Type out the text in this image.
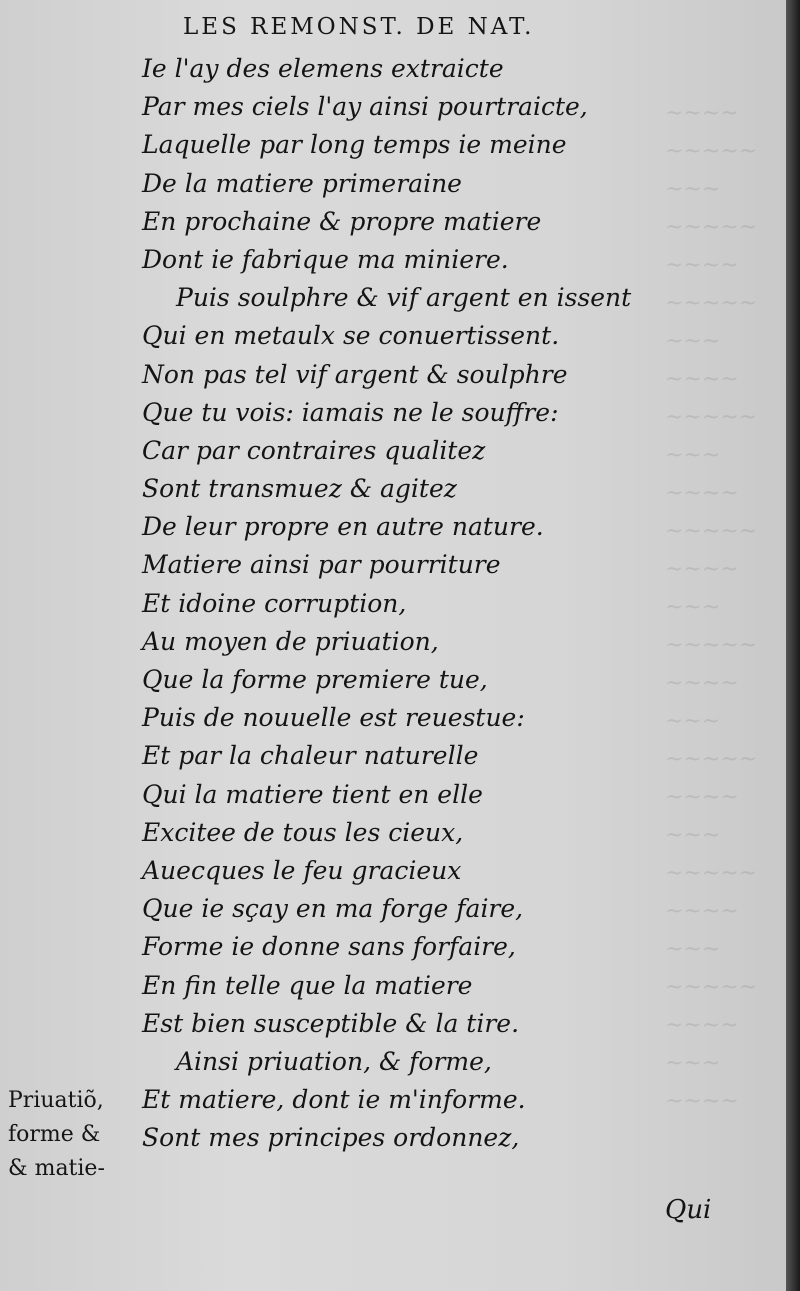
~~~~
~~~~~
~~~
~~~~~
~~~~
~~~~~
~~~
~~~~
~~~~~
~~~
~~~~
~~~~~
~~~~
~~~
~~~~~
~~~~
~~~
~~~~~
~~~~
~~~
~~~~~
~~~~
~~~
~~~~~
~~~~
~~~
~~~~
LES REMONST. DE NAT.
Ie l'ay des elemens extraicte
Par mes ciels l'ay ainsi pourtraicte,
Laquelle par long temps ie meine
De la matiere primeraine
En prochaine & propre matiere
Dont ie fabrique ma miniere.
Puis soulphre & vif argent en issent
Qui en metaulx se conuertissent.
Non pas tel vif argent & soulphre
Que tu vois: iamais ne le souffre:
Car par contraires qualitez
Sont transmuez & agitez
De leur propre en autre nature.
Matiere ainsi par pourriture
Et idoine corruption,
Au moyen de priuation,
Que la forme premiere tue,
Puis de nouuelle est reuestue:
Et par la chaleur naturelle
Qui la matiere tient en elle
Excitee de tous les cieux,
Auecques le feu gracieux
Que ie sçay en ma forge faire,
Forme ie donne sans forfaire,
En fin telle que la matiere
Est bien susceptible & la tire.
Ainsi priuation, & forme,
Et matiere, dont ie m'informe.
Sont mes principes ordonnez,
Priuatiõ,
forme &
& matie-
Qui
